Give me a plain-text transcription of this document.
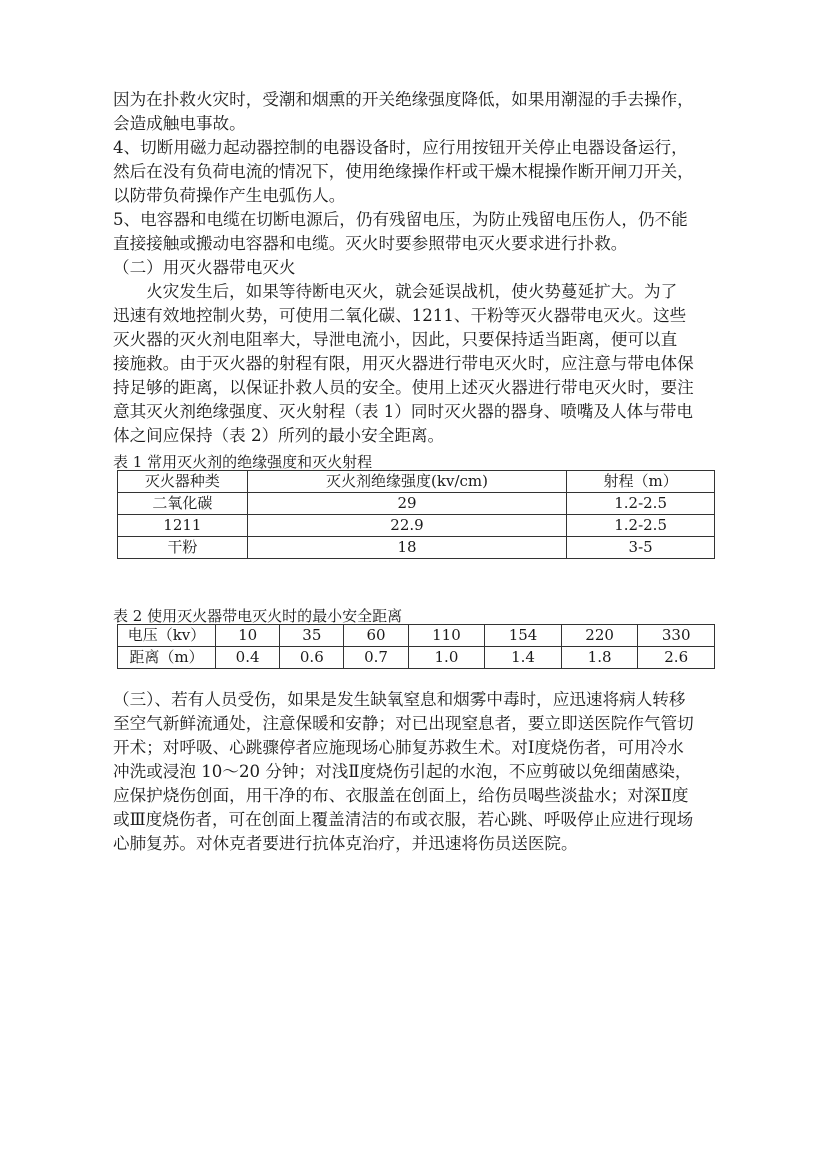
因为在扑救火灾时，受潮和烟熏的开关绝缘强度降低，如果用潮湿的手去操作，
会造成触电事故。
4、切断用磁力起动器控制的电器设备时，应行用按钮开关停止电器设备运行，
然后在没有负荷电流的情况下，使用绝缘操作杆或干燥木棍操作断开闸刀开关，
以防带负荷操作产生电弧伤人。
5、电容器和电缆在切断电源后，仍有残留电压，为防止残留电压伤人，仍不能
直接接触或搬动电容器和电缆。灭火时要参照带电灭火要求进行扑救。
（二）用灭火器带电灭火
　　火灾发生后，如果等待断电灭火，就会延误战机，使火势蔓延扩大。为了
迅速有效地控制火势，可使用二氧化碳、1211、干粉等灭火器带电灭火。这些
灭火器的灭火剂电阻率大，导泄电流小，因此，只要保持适当距离，便可以直
接施救。由于灭火器的射程有限，用灭火器进行带电灭火时，应注意与带电体保
持足够的距离，以保证扑救人员的安全。使用上述灭火器进行带电灭火时，要注
意其灭火剂绝缘强度、灭火射程（表 1）同时灭火器的器身、喷嘴及人体与带电
体之间应保持（表 2）所列的最小安全距离。
表 1 常用灭火剂的绝缘强度和灭火射程
灭火器种类	灭火剂绝缘强度(kv/cm)	射程（m）
二氧化碳	29	1.2-2.5
1211	22.9	1.2-2.5
干粉	18	3-5
表 2 使用灭火器带电灭火时的最小安全距离
电压（kv）	10	35	60	110	154	220	330
距离（m）	0.4	0.6	0.7	1.0	1.4	1.8	2.6
（三）、若有人员受伤，如果是发生缺氧窒息和烟雾中毒时，应迅速将病人转移
至空气新鲜流通处，注意保暖和安静；对已出现窒息者，要立即送医院作气管切
开术；对呼吸、心跳骤停者应施现场心肺复苏救生术。对Ⅰ度烧伤者，可用冷水
冲洗或浸泡 10～20 分钟；对浅Ⅱ度烧伤引起的水泡，不应剪破以免细菌感染，
应保护烧伤创面，用干净的布、衣服盖在创面上，给伤员喝些淡盐水；对深Ⅱ度
或Ⅲ度烧伤者，可在创面上覆盖清洁的布或衣服，若心跳、呼吸停止应进行现场
心肺复苏。对休克者要进行抗体克治疗，并迅速将伤员送医院。
